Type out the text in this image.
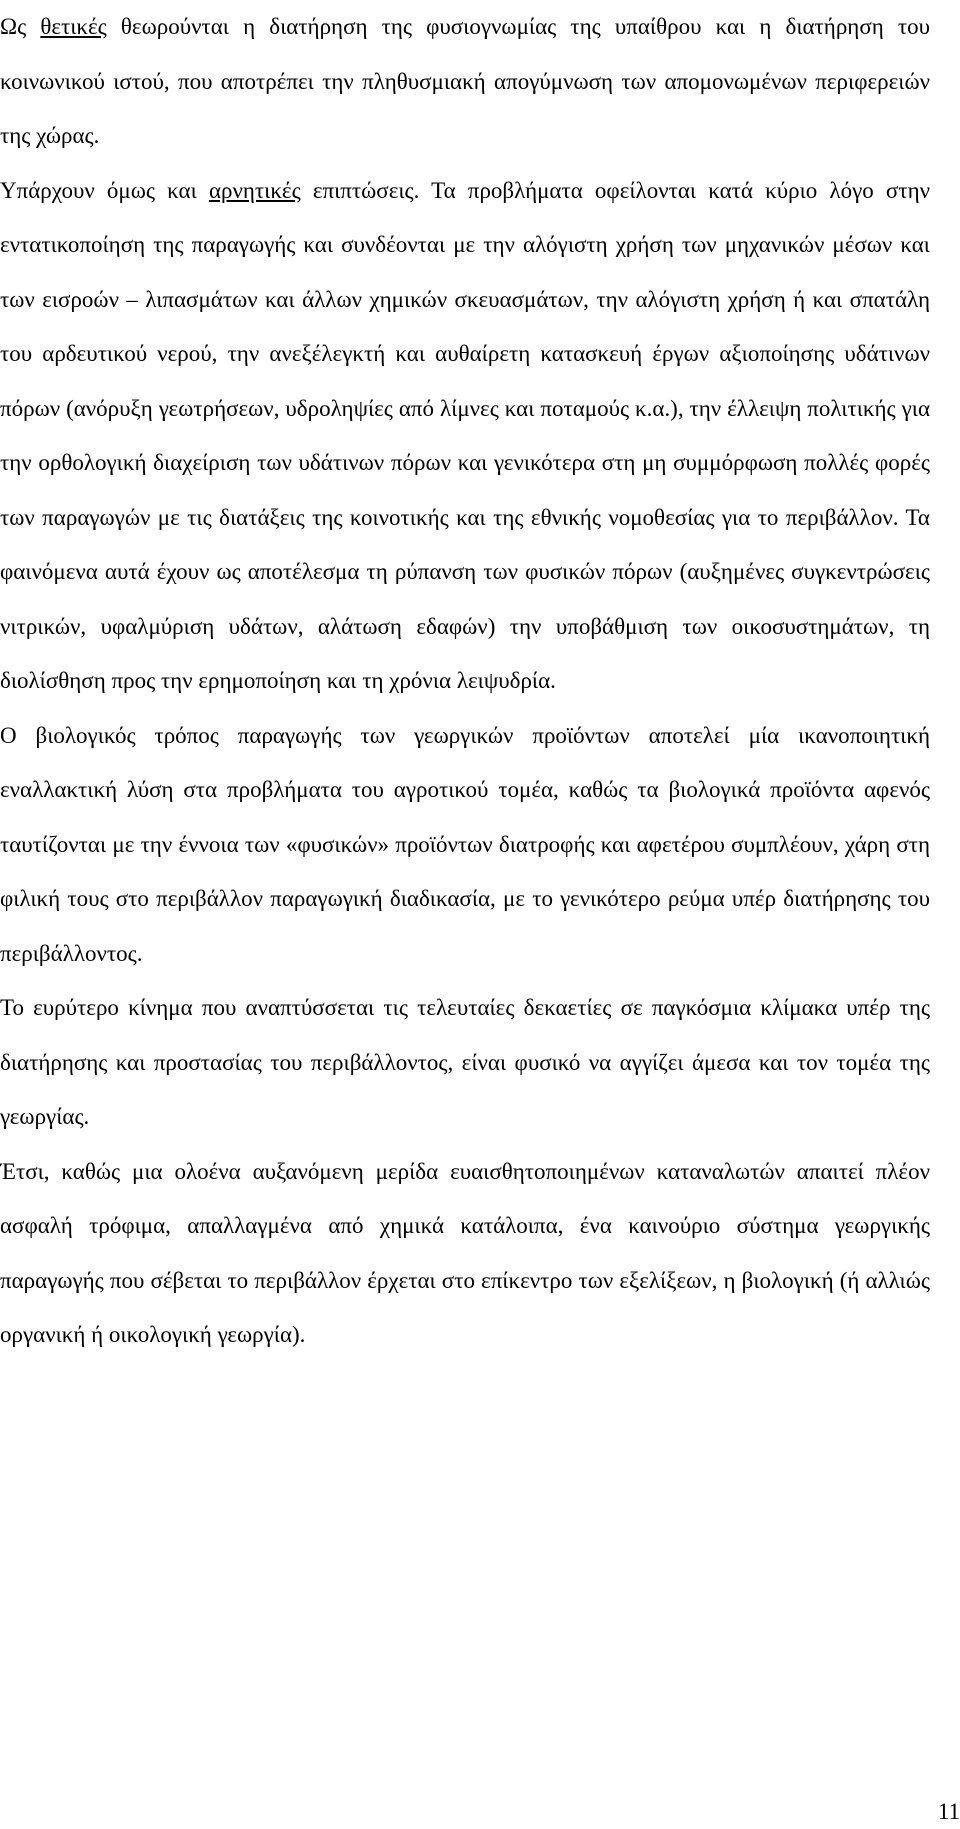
Ως θετικές θεωρούνται η διατήρηση της φυσιογνωμίας της υπαίθρου και η διατήρηση του κοινωνικού ιστού, που αποτρέπει την πληθυσμιακή απογύμνωση των απομονωμένων περιφερειών της χώρας.

Υπάρχουν όμως και αρνητικές επιπτώσεις. Τα προβλήματα οφείλονται κατά κύριο λόγο στην εντατικοποίηση της παραγωγής και συνδέονται με την αλόγιστη χρήση των μηχανικών μέσων και των εισροών – λιπασμάτων και άλλων χημικών σκευασμάτων, την αλόγιστη χρήση ή και σπατάλη του αρδευτικού νερού, την ανεξέλεγκτή και αυθαίρετη κατασκευή έργων αξιοποίησης υδάτινων πόρων (ανόρυξη γεωτρήσεων, υδροληψίες από λίμνες και ποταμούς κ.α.), την έλλειψη πολιτικής για την ορθολογική διαχείριση των υδάτινων πόρων και γενικότερα στη μη συμμόρφωση πολλές φορές των παραγωγών με τις διατάξεις της κοινοτικής και της εθνικής νομοθεσίας για το περιβάλλον. Τα φαινόμενα αυτά έχουν ως αποτέλεσμα τη ρύπανση των φυσικών πόρων (αυξημένες συγκεντρώσεις νιτρικών, υφαλμύριση υδάτων, αλάτωση εδαφών) την υποβάθμιση των οικοσυστημάτων, τη διολίσθηση προς την ερημοποίηση και τη χρόνια λειψυδρία.

Ο βιολογικός τρόπος παραγωγής των γεωργικών προϊόντων αποτελεί μία ικανοποιητική εναλλακτική λύση στα προβλήματα του αγροτικού τομέα, καθώς τα βιολογικά προϊόντα αφενός ταυτίζονται με την έννοια των «φυσικών» προϊόντων διατροφής και αφετέρου συμπλέουν, χάρη στη φιλική τους στο περιβάλλον παραγωγική διαδικασία, με το γενικότερο ρεύμα υπέρ διατήρησης του περιβάλλοντος.

Το ευρύτερο κίνημα που αναπτύσσεται τις τελευταίες δεκαετίες σε παγκόσμια κλίμακα υπέρ της διατήρησης και προστασίας του περιβάλλοντος, είναι φυσικό να αγγίζει άμεσα και τον τομέα της γεωργίας.

Έτσι, καθώς μια ολοένα αυξανόμενη μερίδα ευαισθητοποιημένων καταναλωτών απαιτεί πλέον ασφαλή τρόφιμα, απαλλαγμένα από χημικά κατάλοιπα, ένα καινούριο σύστημα γεωργικής παραγωγής που σέβεται το περιβάλλον έρχεται στο επίκεντρο των εξελίξεων, η βιολογική (ή αλλιώς οργανική ή οικολογική γεωργία).

11
